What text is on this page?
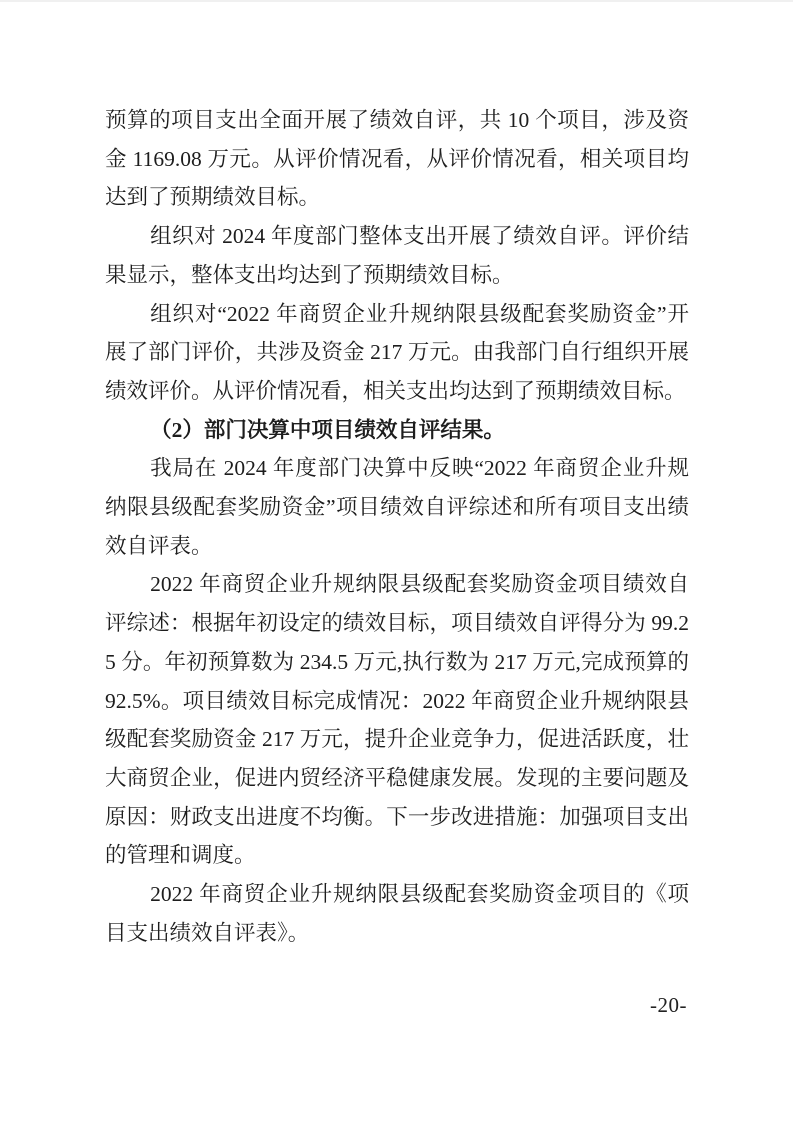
预算的项目支出全面开展了绩效自评，共 10 个项目，涉及资金 1169.08 万元。从评价情况看，从评价情况看，相关项目均达到了预期绩效目标。

组织对 2024 年度部门整体支出开展了绩效自评。评价结果显示，整体支出均达到了预期绩效目标。

组织对“2022 年商贸企业升规纳限县级配套奖励资金”开展了部门评价，共涉及资金 217 万元。由我部门自行组织开展绩效评价。从评价情况看，相关支出均达到了预期绩效目标。

（2）部门决算中项目绩效自评结果。

我局在 2024 年度部门决算中反映“2022 年商贸企业升规纳限县级配套奖励资金”项目绩效自评综述和所有项目支出绩效自评表。

2022 年商贸企业升规纳限县级配套奖励资金项目绩效自评综述：根据年初设定的绩效目标，项目绩效自评得分为 99.25 分。年初预算数为 234.5 万元,执行数为 217 万元,完成预算的 92.5%。项目绩效目标完成情况：2022 年商贸企业升规纳限县级配套奖励资金 217 万元，提升企业竞争力，促进活跃度，壮大商贸企业，促进内贸经济平稳健康发展。发现的主要问题及原因：财政支出进度不均衡。下一步改进措施：加强项目支出的管理和调度。

2022 年商贸企业升规纳限县级配套奖励资金项目的《项目支出绩效自评表》。

-20-
